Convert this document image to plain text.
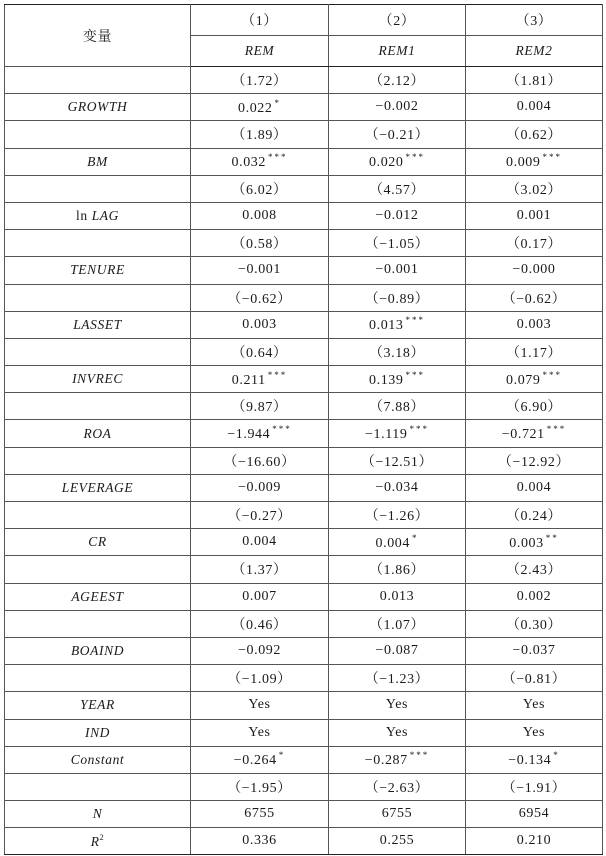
变量	（1）	（2）	（3）
	REM	REM1	REM2
	（1.72）	（2.12）	（1.81）
GROWTH	0.022 *	−0.002	0.004
	（1.89）	（−0.21）	（0.62）
BM	0.032 ***	0.020 ***	0.009 ***
	（6.02）	（4.57）	（3.02）
ln LAG	0.008	−0.012	0.001
	（0.58）	（−1.05）	（0.17）
TENURE	−0.001	−0.001	−0.000
	（−0.62）	（−0.89）	（−0.62）
LASSET	0.003	0.013 ***	0.003
	（0.64）	（3.18）	（1.17）
INVREC	0.211 ***	0.139 ***	0.079 ***
	（9.87）	（7.88）	（6.90）
ROA	−1.944 ***	−1.119 ***	−0.721 ***
	（−16.60）	（−12.51）	（−12.92）
LEVERAGE	−0.009	−0.034	0.004
	（−0.27）	（−1.26）	（0.24）
CR	0.004	0.004 *	0.003 **
	（1.37）	（1.86）	（2.43）
AGEEST	0.007	0.013	0.002
	（0.46）	（1.07）	（0.30）
BOAIND	−0.092	−0.087	−0.037
	（−1.09）	（−1.23）	（−0.81）
YEAR	Yes	Yes	Yes
IND	Yes	Yes	Yes
Constant	−0.264 *	−0.287 ***	−0.134 *
	（−1.95）	（−2.63）	（−1.91）
N	6755	6755	6954
$R^2$	0.336	0.255	0.210
